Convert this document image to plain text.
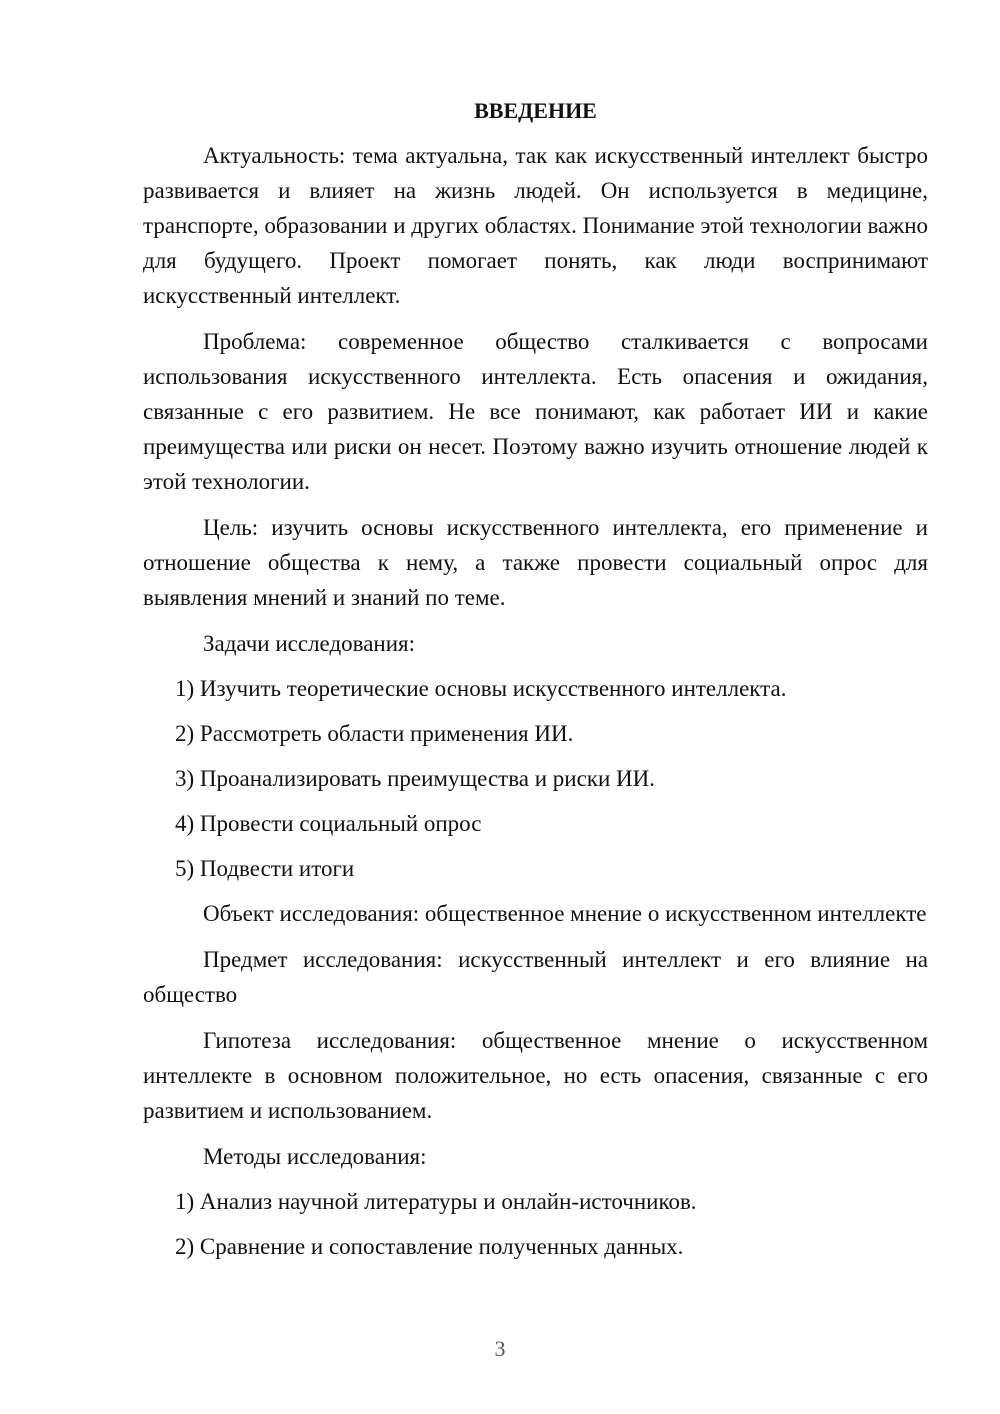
ВВЕДЕНИЕ

Актуальность: тема актуальна, так как искусственный интеллект быстро развивается и влияет на жизнь людей. Он используется в медицине, транспорте, образовании и других областях. Понимание этой технологии важно для будущего. Проект помогает понять, как люди воспринимают искусственный интеллект.

Проблема: современное общество сталкивается с вопросами использования искусственного интеллекта. Есть опасения и ожидания, связанные с его развитием. Не все понимают, как работает ИИ и какие преимущества или риски он несет. Поэтому важно изучить отношение людей к этой технологии.

Цель: изучить основы искусственного интеллекта, его применение и отношение общества к нему, а также провести социальный опрос для выявления мнений и знаний по теме.

Задачи исследования:

1) Изучить теоретические основы искусственного интеллекта.
2) Рассмотреть области применения ИИ.
3) Проанализировать преимущества и риски ИИ.
4) Провести социальный опрос
5) Подвести итоги

Объект исследования: общественное мнение о искусственном интеллекте

Предмет исследования: искусственный интеллект и его влияние на общество

Гипотеза исследования: общественное мнение о искусственном интеллекте в основном положительное, но есть опасения, связанные с его развитием и использованием.

Методы исследования:

1) Анализ научной литературы и онлайн-источников.
2) Сравнение и сопоставление полученных данных.
3
